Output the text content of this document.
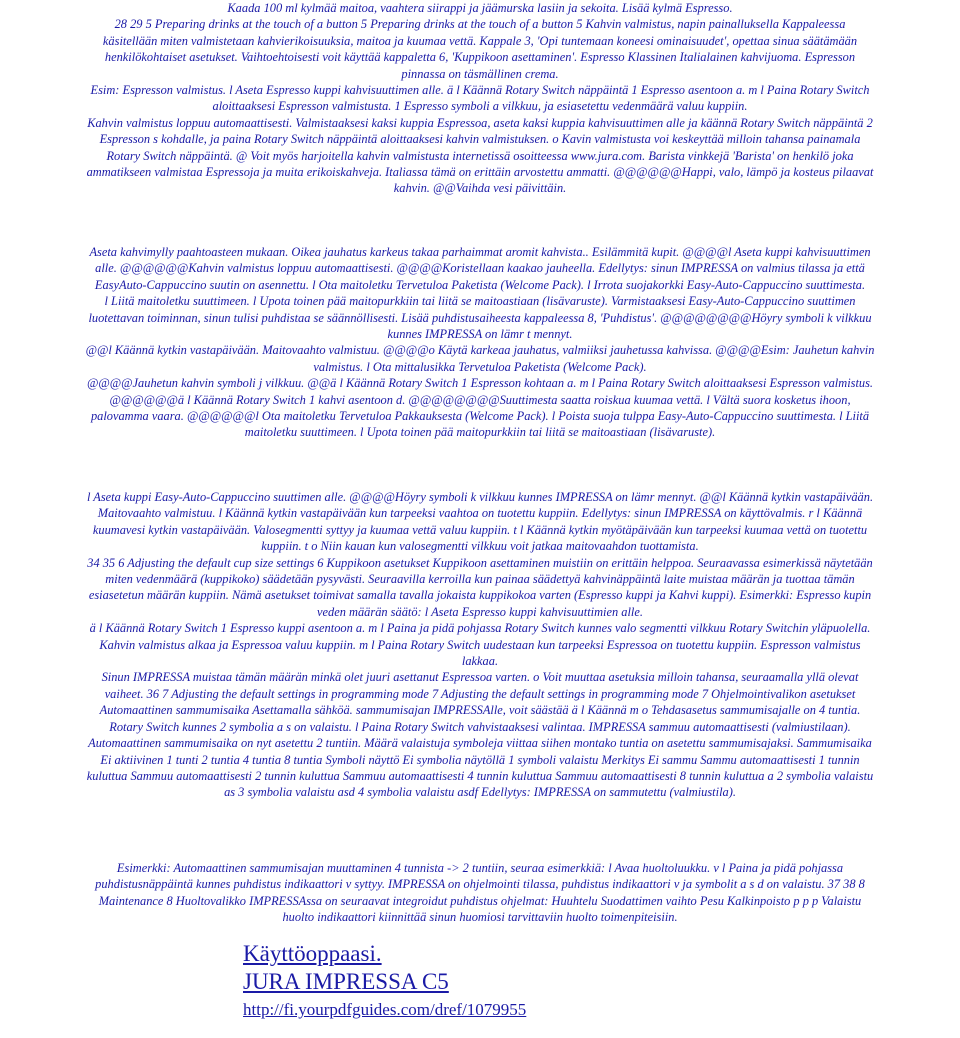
Kaada 100 ml kylmää maitoa, vaahtera siirappi ja jäämurska lasiin ja sekoita. Lisää kylmä Espresso.

28 29 5 Preparing drinks at the touch of a button 5 Preparing drinks at the touch of a button 5 Kahvin valmistus, napin painalluksella Kappaleessa

käsitellään miten valmistetaan kahvierikoisuuksia, maitoa ja kuumaa vettä. Kappale 3, 'Opi tuntemaan koneesi ominaisuudet', opettaa sinua säätämään

henkilökohtaiset asetukset. Vaihtoehtoisesti voit käyttää kappaletta 6, 'Kuppikoon asettaminen'. Espresso Klassinen Italialainen kahvijuoma. Espresson

pinnassa on täsmällinen crema.

Esim: Espresson valmistus. l Aseta Espresso kuppi kahvisuuttimen alle. ä l Käännä Rotary Switch näppäintä 1 Espresso asentoon a. m l Paina Rotary Switch

aloittaaksesi Espresson valmistusta. 1 Espresso symboli a vilkkuu, ja esiasetettu vedenmäärä valuu kuppiin.

Kahvin valmistus loppuu automaattisesti. Valmistaaksesi kaksi kuppia Espressoa, aseta kaksi kuppia kahvisuuttimen alle ja käännä Rotary Switch näppäintä 2

Espresson s kohdalle, ja paina Rotary Switch näppäintä aloittaaksesi kahvin valmistuksen. o Kavin valmistusta voi keskeyttää milloin tahansa painamala

Rotary Switch näppäintä. @ Voit myös harjoitella kahvin valmistusta internetissä osoitteessa www.jura.com. Barista vinkkejä 'Barista' on henkilö joka

ammatikseen valmistaa Espressoja ja muita erikoiskahveja. Italiassa tämä on erittäin arvostettu ammatti. @@@@@@Happi, valo, lämpö ja kosteus pilaavat

kahvin. @@Vaihda vesi päivittäin.

Aseta kahvimylly paahtoasteen mukaan. Oikea jauhatus karkeus takaa parhaimmat aromit kahvista.. Esilämmitä kupit. @@@@l Aseta kuppi kahvisuuttimen

alle. @@@@@@Kahvin valmistus loppuu automaattisesti. @@@@Koristellaan kaakao jauheella. Edellytys: sinun IMPRESSA on valmius tilassa ja että

EasyAuto-Cappuccino suutin on asennettu. l Ota maitoletku Tervetuloa Paketista (Welcome Pack). l Irrota suojakorkki Easy-Auto-Cappuccino suuttimesta.

l Liitä maitoletku suuttimeen. l Upota toinen pää maitopurkkiin tai liitä se maitoastiaan (lisävaruste). Varmistaaksesi Easy-Auto-Cappuccino suuttimen

luotettavan toiminnan, sinun tulisi puhdistaa se säännöllisesti. Lisää puhdistusaiheesta kappaleessa 8, 'Puhdistus'. @@@@@@@@Höyry symboli k vilkkuu

kunnes IMPRESSA on lämr t mennyt.

@@l Käännä kytkin vastapäivään. Maitovaahto valmistuu. @@@@o Käytä karkeaa jauhatus, valmiiksi jauhetussa kahvissa. @@@@Esim: Jauhetun kahvin

valmistus. l Ota mittalusikka Tervetuloa Paketista (Welcome Pack).

@@@@Jauhetun kahvin symboli j vilkkuu. @@ä l Käännä Rotary Switch 1 Espresson kohtaan a. m l Paina Rotary Switch aloittaaksesi Espresson valmistus.

@@@@@@ä l Käännä Rotary Switch 1 kahvi asentoon d. @@@@@@@@Suuttimesta saatta roiskua kuumaa vettä. l Vältä suora kosketus ihoon,

palovamma vaara. @@@@@@l Ota maitoletku Tervetuloa Pakkauksesta (Welcome Pack). l Poista suoja tulppa Easy-Auto-Cappuccino suuttimesta. l Liitä

maitoletku suuttimeen. l Upota toinen pää maitopurkkiin tai liitä se maitoastiaan (lisävaruste).

l Aseta kuppi Easy-Auto-Cappuccino suuttimen alle. @@@@Höyry symboli k vilkkuu kunnes IMPRESSA on lämr mennyt. @@l Käännä kytkin vastapäivään.

Maitovaahto valmistuu. l Käännä kytkin vastapäivään kun tarpeeksi vaahtoa on tuotettu kuppiin. Edellytys: sinun IMPRESSA on käyttövalmis. r l Käännä

kuumavesi kytkin vastapäivään. Valosegmentti syttyy ja kuumaa vettä valuu kuppiin. t l Käännä kytkin myötäpäivään kun tarpeeksi kuumaa vettä on tuotettu

kuppiin. t o Niin kauan kun valosegmentti vilkkuu voit jatkaa maitovaahdon tuottamista.

34 35 6 Adjusting the default cup size settings 6 Kuppikoon asetukset Kuppikoon asettaminen muistiin on erittäin helppoa. Seuraavassa esimerkissä näytetään

miten vedenmäärä (kuppikoko) säädetään pysyvästi. Seuraavilla kerroilla kun painaa säädettyä kahvinäppäintä laite muistaa määrän ja tuottaa tämän

esiasetetun määrän kuppiin. Nämä asetukset toimivat samalla tavalla jokaista kuppikokoa varten (Espresso kuppi ja Kahvi kuppi). Esimerkki: Espresso kupin

veden määrän säätö: l Aseta Espresso kuppi kahvisuuttimien alle.

ä l Käännä Rotary Switch 1 Espresso kuppi asentoon a. m l Paina ja pidä pohjassa Rotary Switch kunnes valo segmentti vilkkuu Rotary Switchin yläpuolella.

Kahvin valmistus alkaa ja Espressoa valuu kuppiin. m l Paina Rotary Switch uudestaan kun tarpeeksi Espressoa on tuotettu kuppiin. Espresson valmistus

lakkaa.

Sinun IMPRESSA muistaa tämän määrän minkä olet juuri asettanut Espressoa varten. o Voit muuttaa asetuksia milloin tahansa, seuraamalla yllä olevat

vaiheet. 36 7 Adjusting the default settings in programming mode 7 Adjusting the default settings in programming mode 7 Ohjelmointivalikon asetukset

Automaattinen sammumisaika Asettamalla sähköä. sammumisajan IMPRESSAlle, voit säästää ä l Käännä m o Tehdasasetus sammumisajalle on 4 tuntia.

Rotary Switch kunnes 2 symbolia a s on valaistu. l Paina Rotary Switch vahvistaaksesi valintaa. IMPRESSA sammuu automaattisesti (valmiustilaan).

Automaattinen sammumisaika on nyt asetettu 2 tuntiin. Määrä valaistuja symboleja viittaa siihen montako tuntia on asetettu sammumisajaksi. Sammumisaika

Ei aktiivinen 1 tunti 2 tuntia 4 tuntia 8 tuntia Symboli näyttö Ei symbolia näytöllä 1 symboli valaistu Merkitys Ei sammu Sammu automaattisesti 1 tunnin

kuluttua Sammuu automaattisesti 2 tunnin kuluttua Sammuu automaattisesti 4 tunnin kuluttua Sammuu automaattisesti 8 tunnin kuluttua a 2 symbolia valaistu

as 3 symbolia valaistu asd 4 symbolia valaistu asdf Edellytys: IMPRESSA on sammutettu (valmiustila).

Esimerkki: Automaattinen sammumisajan muuttaminen 4 tunnista -> 2 tuntiin, seuraa esimerkkiä: l Avaa huoltoluukku. v l Paina ja pidä pohjassa

puhdistusnäppäintä kunnes puhdistus indikaattori v syttyy. IMPRESSA on ohjelmointi tilassa, puhdistus indikaattori v ja symbolit a s d on valaistu. 37 38 8

Maintenance 8 Huoltovalikko IMPRESSAssa on seuraavat integroidut puhdistus ohjelmat: Huuhtelu Suodattimen vaihto Pesu Kalkinpoisto p p p Valaistu

huolto indikaattori kiinnittää sinun huomiosi tarvittaviin huolto toimenpiteisiin.

Käyttöoppaasi.
JURA IMPRESSA C5
http://fi.yourpdfguides.com/dref/1079955
